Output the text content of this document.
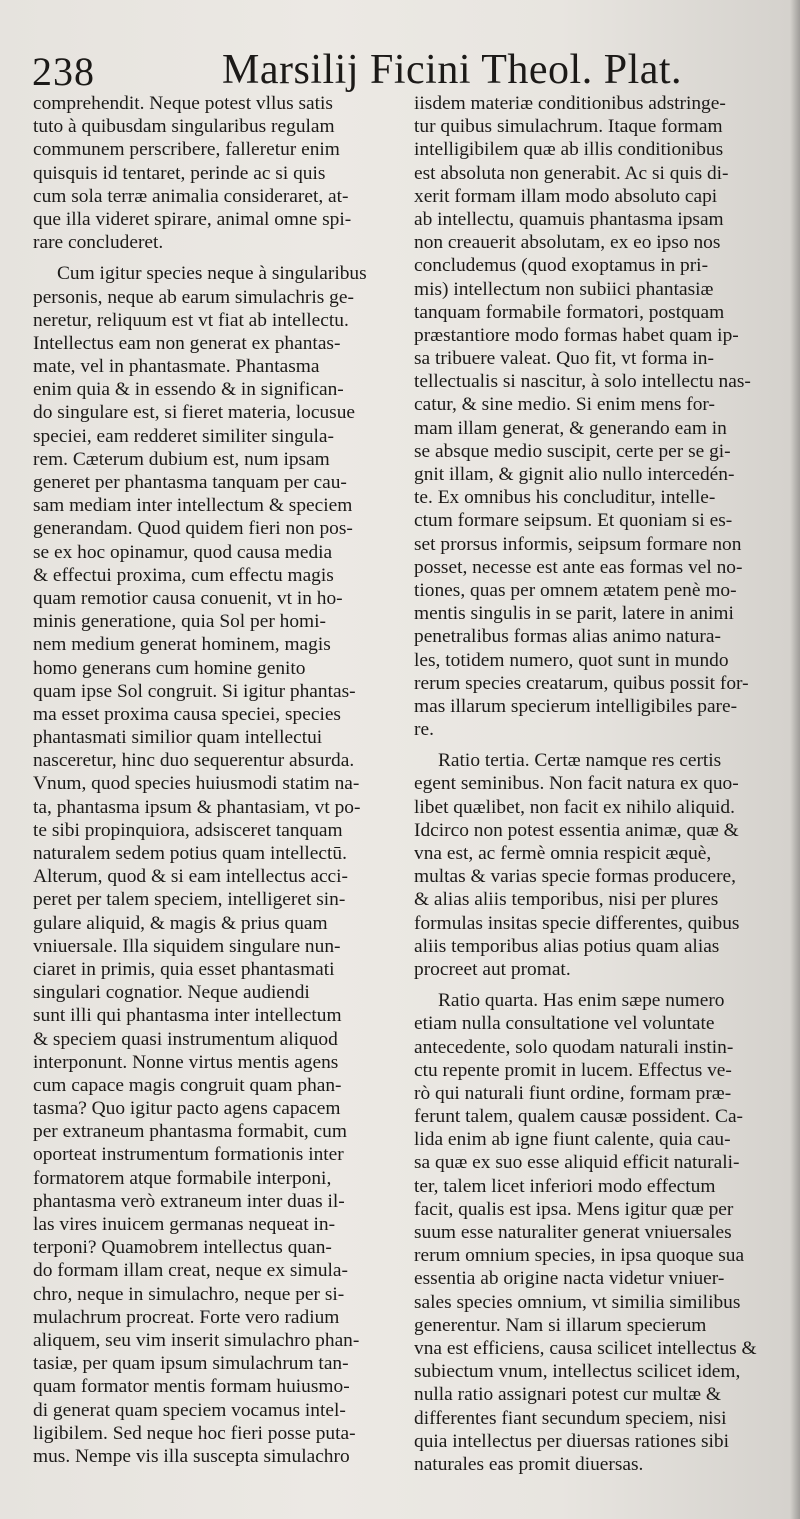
238	Marsilij Ficini Theol. Plat.
comprehendit. Neque potest vllus satis
tuto à quibusdam singularibus regulam
communem perscribere, falleretur enim
quisquis id tentaret, perinde ac si quis
cum sola terræ animalia consideraret, at-
que illa videret spirare, animal omne spi-
rare concluderet.
Cum igitur species neque à singularibus
personis, neque ab earum simulachris ge-
neretur, reliquum est vt fiat ab intellectu.
Intellectus eam non generat ex phantas-
mate, vel in phantasmate. Phantasma
enim quia & in essendo & in significan-
do singulare est, si fieret materia, locusue
speciei, eam redderet similiter singula-
rem. Cæterum dubium est, num ipsam
generet per phantasma tanquam per cau-
sam mediam inter intellectum & speciem
generandam. Quod quidem fieri non pos-
se ex hoc opinamur, quod causa media
& effectui proxima, cum effectu magis
quam remotior causa conuenit, vt in ho-
minis generatione, quia Sol per homi-
nem medium generat hominem, magis
homo generans cum homine genito
quam ipse Sol congruit. Si igitur phantas-
ma esset proxima causa speciei, species
phantasmati similior quam intellectui
nasceretur, hinc duo sequerentur absurda.
Vnum, quod species huiusmodi statim na-
ta, phantasma ipsum & phantasiam, vt po-
te sibi propinquiora, adsisceret tanquam
naturalem sedem potius quam intellectū.
Alterum, quod & si eam intellectus acci-
peret per talem speciem, intelligeret sin-
gulare aliquid, & magis & prius quam
vniuersale. Illa siquidem singulare nun-
ciaret in primis, quia esset phantasmati
singulari cognatior. Neque audiendi
sunt illi qui phantasma inter intellectum
& speciem quasi instrumentum aliquod
interponunt. Nonne virtus mentis agens
cum capace magis congruit quam phan-
tasma? Quo igitur pacto agens capacem
per extraneum phantasma formabit, cum
oporteat instrumentum formationis inter
formatorem atque formabile interponi,
phantasma verò extraneum inter duas il-
las vires inuicem germanas nequeat in-
terponi? Quamobrem intellectus quan-
do formam illam creat, neque ex simula-
chro, neque in simulachro, neque per si-
mulachrum procreat. Forte vero radium
aliquem, seu vim inserit simulachro phan-
tasiæ, per quam ipsum simulachrum tan-
quam formator mentis formam huiusmo-
di generat quam speciem vocamus intel-
ligibilem. Sed neque hoc fieri posse puta-
mus. Nempe vis illa suscepta simulachro
iisdem materiæ conditionibus adstringe-
tur quibus simulachrum. Itaque formam
intelligibilem quæ ab illis conditionibus
est absoluta non generabit. Ac si quis di-
xerit formam illam modo absoluto capi
ab intellectu, quamuis phantasma ipsam
non creauerit absolutam, ex eo ipso nos
concludemus (quod exoptamus in pri-
mis) intellectum non subiici phantasiæ
tanquam formabile formatori, postquam
præstantiore modo formas habet quam ip-
sa tribuere valeat. Quo fit, vt forma in-
tellectualis si nascitur, à solo intellectu nas-
catur, & sine medio. Si enim mens for-
mam illam generat, & generando eam in
se absque medio suscipit, certe per se gi-
gnit illam, & gignit alio nullo intercedén-
te. Ex omnibus his concluditur, intelle-
ctum formare seipsum. Et quoniam si es-
set prorsus informis, seipsum formare non
posset, necesse est ante eas formas vel no-
tiones, quas per omnem ætatem penè mo-
mentis singulis in se parit, latere in animi
penetralibus formas alias animo natura-
les, totidem numero, quot sunt in mundo
rerum species creatarum, quibus possit for-
mas illarum specierum intelligibiles pare-
re.
Ratio tertia. Certæ namque res certis
egent seminibus. Non facit natura ex quo-
libet quælibet, non facit ex nihilo aliquid.
Idcirco non potest essentia animæ, quæ &
vna est, ac fermè omnia respicit æquè,
multas & varias specie formas producere,
& alias aliis temporibus, nisi per plures
formulas insitas specie differentes, quibus
aliis temporibus alias potius quam alias
procreet aut promat.
Ratio quarta. Has enim sæpe numero
etiam nulla consultatione vel voluntate
antecedente, solo quodam naturali instin-
ctu repente promit in lucem. Effectus ve-
rò qui naturali fiunt ordine, formam præ-
ferunt talem, qualem causæ possident. Ca-
lida enim ab igne fiunt calente, quia cau-
sa quæ ex suo esse aliquid efficit naturali-
ter, talem licet inferiori modo effectum
facit, qualis est ipsa. Mens igitur quæ per
suum esse naturaliter generat vniuersales
rerum omnium species, in ipsa quoque sua
essentia ab origine nacta videtur vniuer-
sales species omnium, vt similia similibus
generentur. Nam si illarum specierum
vna est efficiens, causa scilicet intellectus &
subiectum vnum, intellectus scilicet idem,
nulla ratio assignari potest cur multæ &
differentes fiant secundum speciem, nisi
quia intellectus per diuersas rationes sibi
naturales eas promit diuersas.
